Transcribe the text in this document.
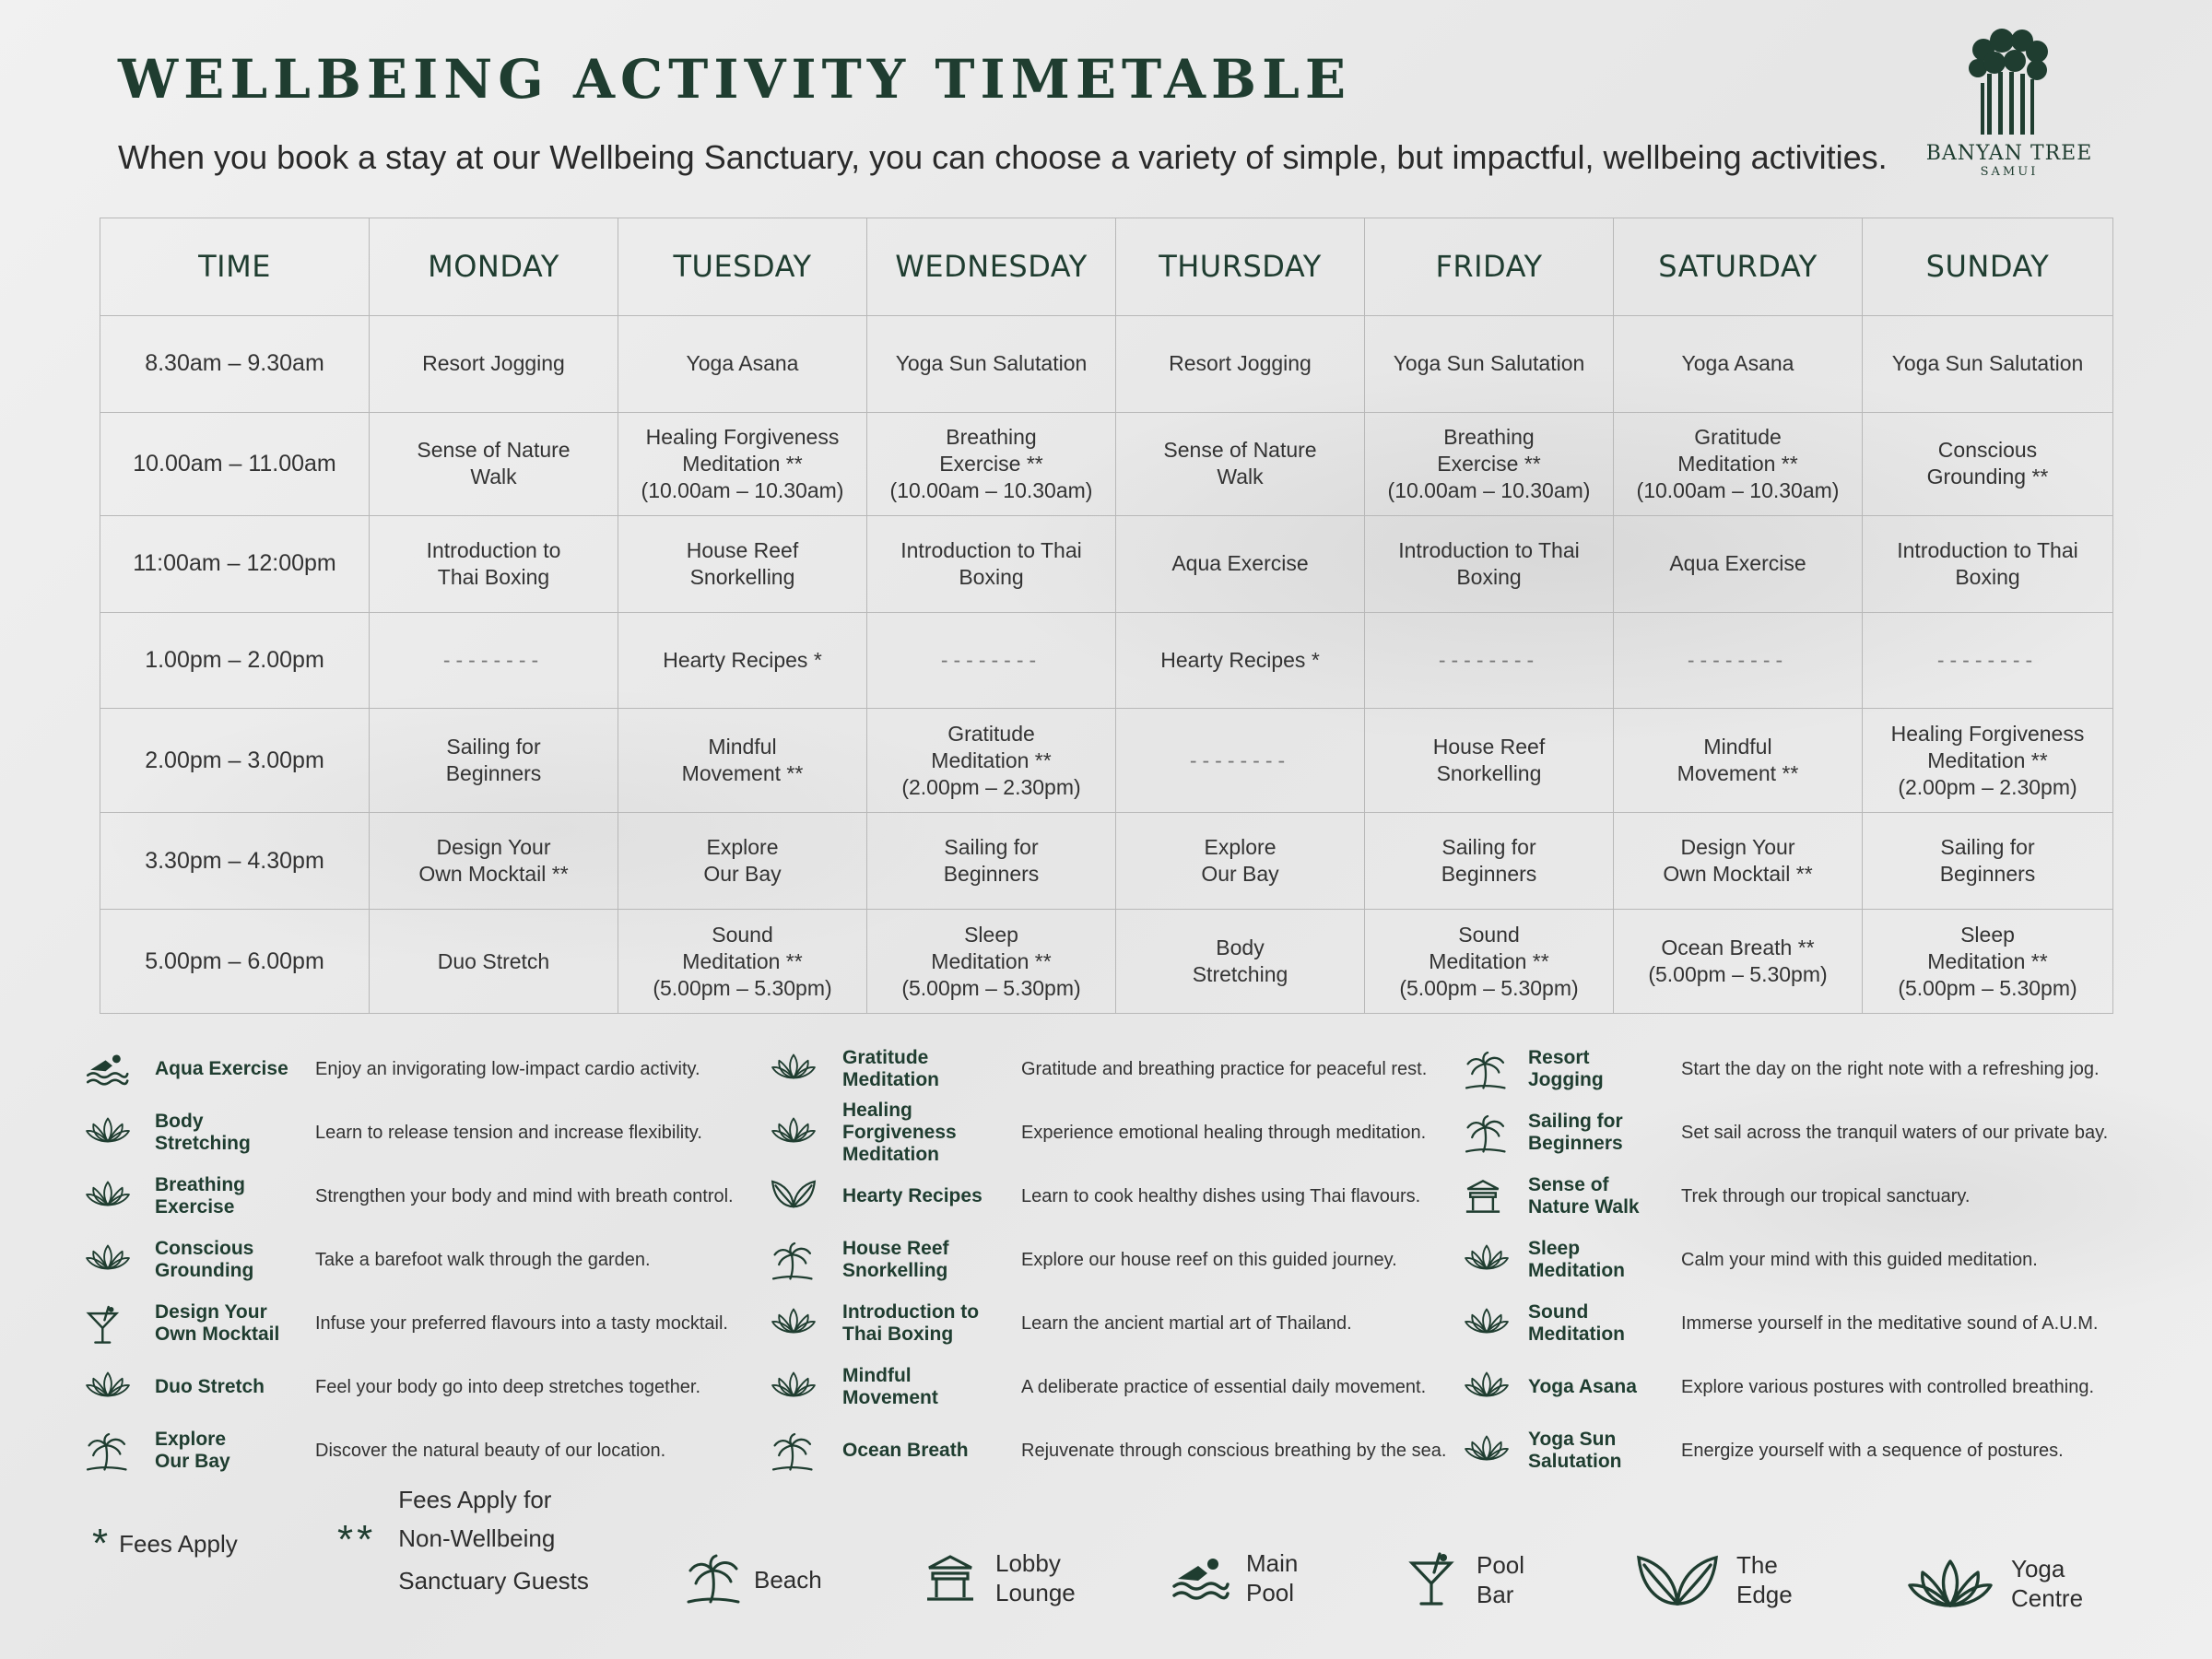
WELLBEING ACTIVITY TIMETABLE

When you book a stay at our Wellbeing Sanctuary, you can choose a variety of simple, but impactful, wellbeing activities. BANYAN TREE
SAMUI
TIME	MONDAY	TUESDAY	WEDNESDAY	THURSDAY	FRIDAY	SATURDAY	SUNDAY
8.30am – 9.30am	Resort Jogging	Yoga Asana	Yoga Sun Salutation	Resort Jogging	Yoga Sun Salutation	Yoga Asana	Yoga Sun Salutation

10.00am – 11.00am	Sense of Nature
Walk	Healing Forgiveness
Meditation **
(10.00am – 10.30am)	Breathing
Exercise **
(10.00am – 10.30am)	Sense of Nature
Walk	Breathing
Exercise **
(10.00am – 10.30am)	Gratitude
Meditation **
(10.00am – 10.30am)	Conscious
Grounding **

11:00am – 12:00pm	Introduction to
Thai Boxing	House Reef
Snorkelling	Introduction to Thai
Boxing	Aqua Exercise	Introduction to Thai
Boxing	Aqua Exercise	Introduction to Thai
Boxing

1.00pm – 2.00pm	--------	Hearty Recipes *	--------	Hearty Recipes *	--------	--------	--------

2.00pm – 3.00pm	Sailing for
Beginners	Mindful
Movement **	Gratitude
Meditation **
(2.00pm – 2.30pm)	--------	House Reef
Snorkelling	Mindful
Movement **	Healing Forgiveness
Meditation **
(2.00pm – 2.30pm)

3.30pm – 4.30pm	Design Your
Own Mocktail **	Explore
Our Bay	Sailing for
Beginners	Explore
Our Bay	Sailing for
Beginners	Design Your
Own Mocktail **	Sailing for
Beginners

5.00pm – 6.00pm	Duo Stretch	Sound
Meditation **
(5.00pm – 5.30pm)	Sleep
Meditation **
(5.00pm – 5.30pm)	Body
Stretching	Sound
Meditation **
(5.00pm – 5.30pm)	Ocean Breath **
(5.00pm – 5.30pm)	Sleep
Meditation **
(5.00pm – 5.30pm)
Aqua Exercise Enjoy an invigorating low-impact cardio activity.
Body
Stretching
Learn to release tension and increase flexibility.
Breathing
Exercise
Strengthen your body and mind with breath control.
Conscious
Grounding
Take a barefoot walk through the garden.
Design Your
Own Mocktail
Infuse your preferred flavours into a tasty mocktail.
Duo Stretch	Feel your body go into deep stretches together.
Explore
Our Bay
Discover the natural beauty of our location.
Gratitude
Meditation
Gratitude and breathing practice for peaceful rest.
Healing
Forgiveness
Meditation
Experience emotional healing through meditation.
Hearty Recipes Learn to cook healthy dishes using Thai flavours.
House Reef
Snorkelling
Explore our house reef on this guided journey.
Introduction to
Thai Boxing
Learn the ancient martial art of Thailand.
Mindful
Movement
A deliberate practice of essential daily movement.
Ocean Breath	Rejuvenate through conscious breathing by the sea.
Resort
Jogging
Start the day on the right note with a refreshing jog.
Sailing for
Beginners
Set sail across the tranquil waters of our private bay.
Sense of
Nature Walk
Trek through our tropical sanctuary.
Sleep
Meditation
Calm your mind with this guided meditation.
Sound
Meditation
Immerse yourself in the meditative sound of A.U.M.
Yoga Asana Explore various postures with controlled breathing.
Yoga Sun
Salutation
Energize yourself with a sequence of postures.
* Fees Apply **
Fees Apply for
Non-Wellbeing
Sanctuary Guests	Beach
Lobby
Lounge
Main
Pool
Pool
Bar
The
Edge
Yoga
Centre
